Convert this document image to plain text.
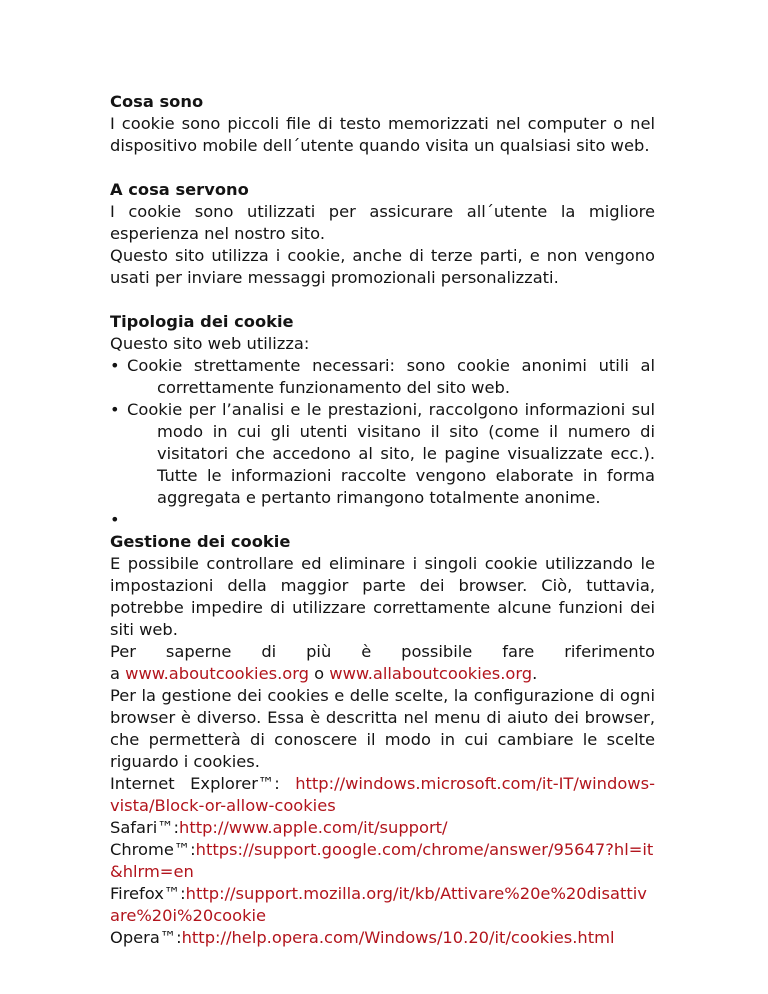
Cosa sono

I cookie sono piccoli file di testo memorizzati nel computer o nel dispositivo mobile dell´utente quando visita un qualsiasi sito web.

A cosa servono

I cookie sono utilizzati per assicurare all´utente la migliore esperienza nel nostro sito.

Questo sito utilizza i cookie, anche di terze parti, e non vengono usati per inviare messaggi promozionali personalizzati.

Tipologia dei cookie

Questo sito web utilizza:

• Cookie strettamente necessari: sono cookie anonimi utili al correttamente funzionamento del sito web.
• Cookie per l’analisi e le prestazioni, raccolgono informazioni sul modo in cui gli utenti visitano il sito (come il numero di visitatori che accedono al sito, le pagine visualizzate ecc.). Tutte le informazioni raccolte vengono elaborate in forma aggregata e pertanto rimangono totalmente anonime.
•
Gestione dei cookie

E possibile controllare ed eliminare i singoli cookie utilizzando le impostazioni della maggior parte dei browser. Ciò, tuttavia, potrebbe impedire di utilizzare correttamente alcune funzioni dei siti web.

Per saperne di più è possibile fare riferimento

a www.aboutcookies.org o www.allaboutcookies.org.

Per la gestione dei cookies e delle scelte, la configurazione di ogni browser è diverso. Essa è descritta nel menu di aiuto dei browser, che permetterà di conoscere il modo in cui cambiare le scelte riguardo i cookies.

Internet Explorer™: http://windows.microsoft.com/it-IT/windows-

vista/Block-or-allow-cookies

Safari™:http://www.apple.com/it/support/

Chrome™:https://support.google.com/chrome/answer/95647?hl=it&hlrm=en

Firefox™:http://support.mozilla.org/it/kb/Attivare%20e%20disattivare%20i%20cookie

Opera™:http://help.opera.com/Windows/10.20/it/cookies.html
